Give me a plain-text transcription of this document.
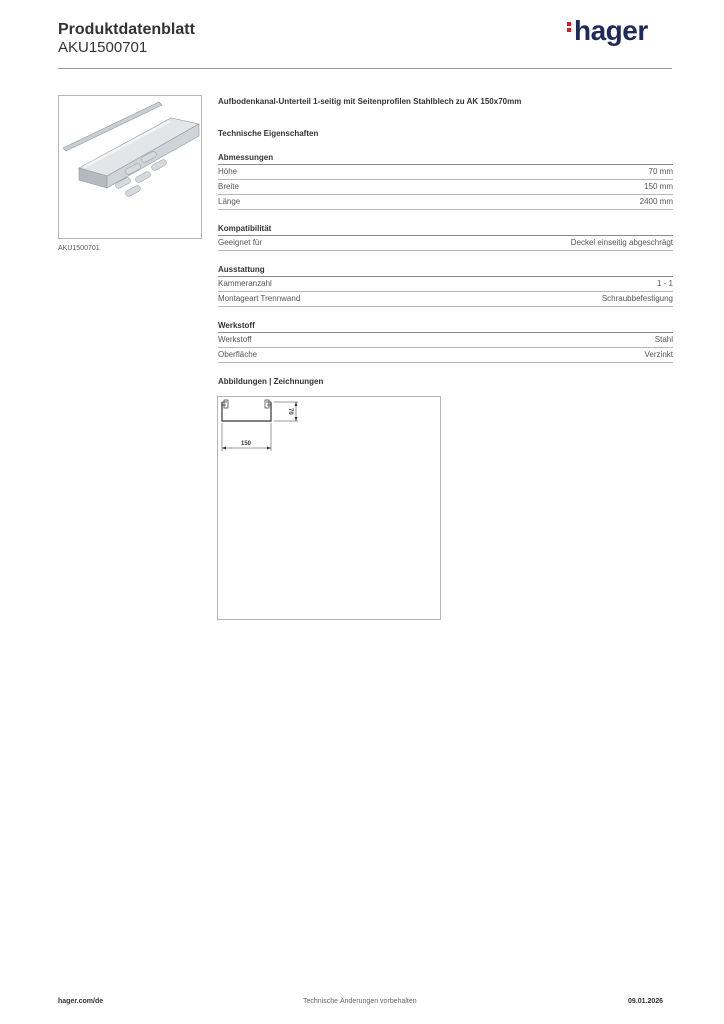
Produktdatenblatt
AKU1500701
hager
AKU1500701
Aufbodenkanal-Unterteil 1-seitig mit Seitenprofilen Stahlblech zu AK 150x70mm
Technische Eigenschaften
Abmessungen
Höhe	70 mm
Breite	150 mm
Länge	2400 mm
Kompatibilität
Geeignet für	Deckel einseitig abgeschrägt
Ausstattung
Kammeranzahl	1 - 1
Montageart Trennwand	Schraubbefestigung
Werkstoff
Werkstoff	Stahl
Oberfläche	Verzinkt
Abbildungen | Zeichnungen
70
150
hager.com/de	Technische Änderungen vorbehalten	09.01.2026
